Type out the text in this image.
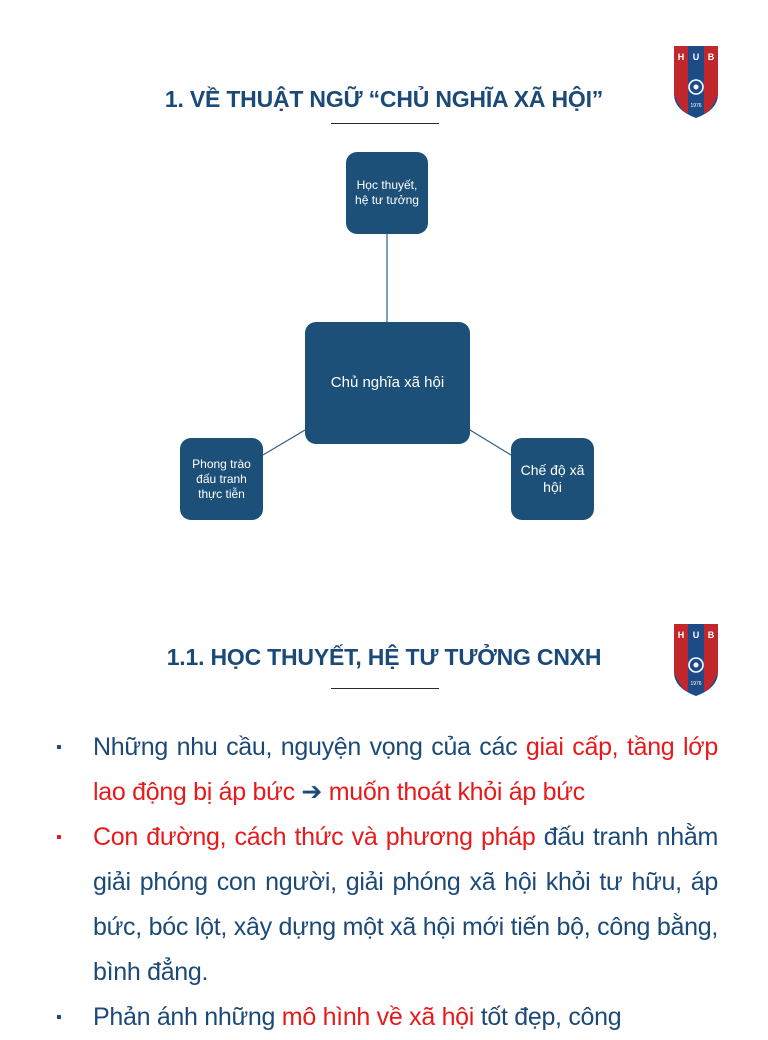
1. VỀ THUẬT NGỮ “CHỦ NGHĨA XÃ HỘI”
H U B
1976
Học thuyết, hệ tư tưởng
Chủ nghĩa xã hội
Phong trào đấu tranh thực tiễn
Chế độ xã hội
1.1. HỌC THUYẾT, HỆ TƯ TƯỞNG CNXH
H U B
1976
▪ Những nhu cầu, nguyện vọng của các giai cấp, tầng lớp lao động bị áp bức ➔ muốn thoát khỏi áp bức
▪ Con đường, cách thức và phương pháp đấu tranh nhằm giải phóng con người, giải phóng xã hội khỏi tư hữu, áp bức, bóc lột, xây dựng một xã hội mới tiến bộ, công bằng, bình đẳng.
▪ Phản ánh những mô hình về xã hội tốt đẹp, công
